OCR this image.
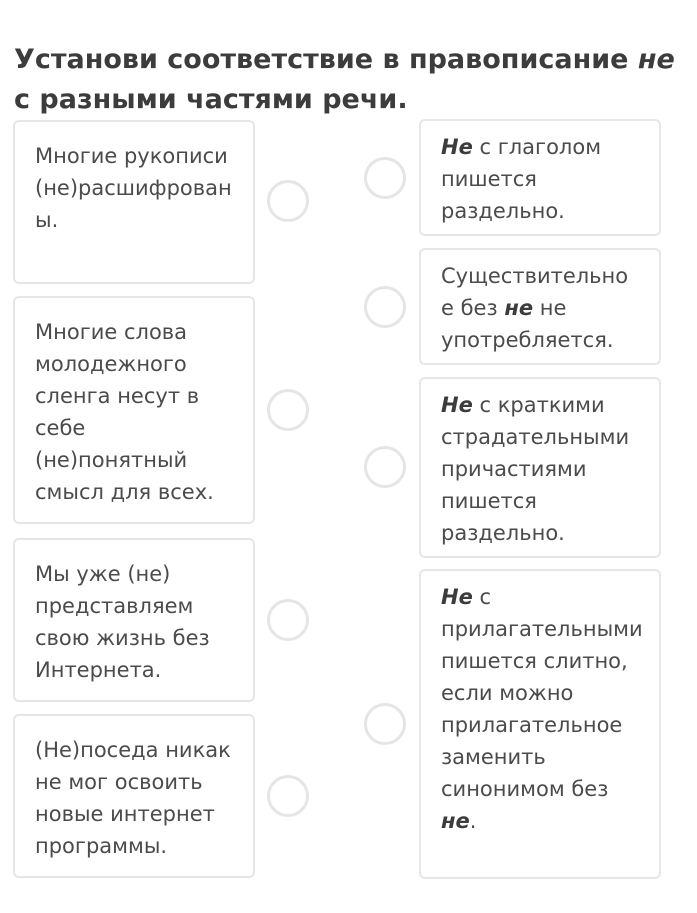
Установи соответствие в правописание не с разными частями речи.
Многие рукописи (не)расшифрованы.
Многие слова молодежного сленга несут в себе (не)понятный смысл для всех.
Мы уже (не) представляем свою жизнь без Интернета.
(Не)поседа никак не мог освоить новые интернет программы.
Не с глаголом пишется раздельно.
Существительное без не не употребляется.
Не с краткими страдательными причастиями пишется раздельно.
Не с прилагательными пишется слитно, если можно прилагательное заменить синонимом без не.
